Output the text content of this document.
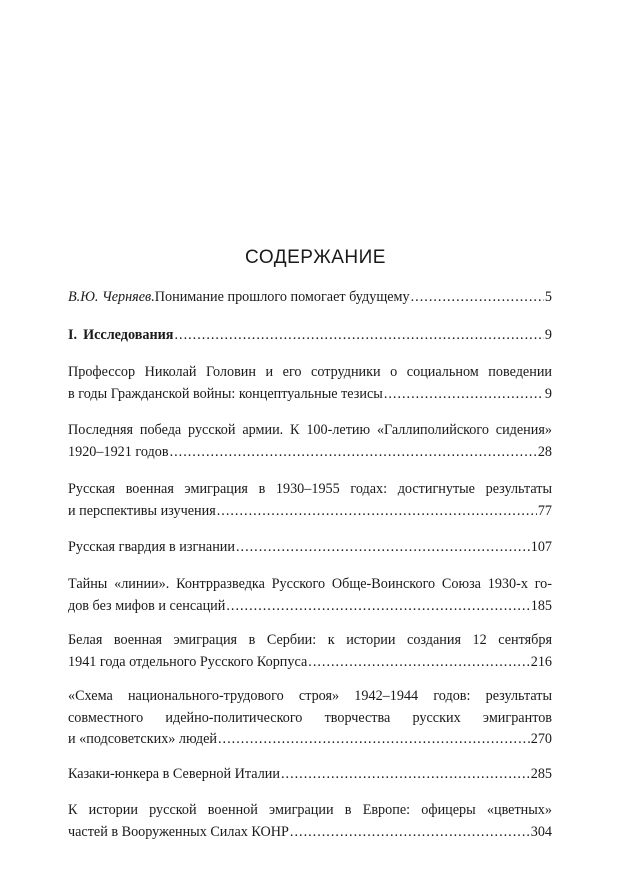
СОДЕРЖАНИЕ
В.Ю. Черняев. Понимание прошлого помогает будущему .....	5
I. Исследования .....	9
Профессор Николай Головин и его сотрудники о социальном поведении
в годы Гражданской войны: концептуальные тезисы .....	9
Последняя победа русской армии. К 100-летию «Галлиполийского сидения»
1920–1921 годов .....	28
Русская военная эмиграция в 1930–1955 годах: достигнутые результаты
и перспективы изучения .....	77
Русская гвардия в изгнании .....	107
Тайны «линии». Контрразведка Русского Обще-Воинского Союза 1930-х го-
дов без мифов и сенсаций .....	185
Белая военная эмиграция в Сербии: к истории создания 12 сентября
1941 года отдельного Русского Корпуса .....	216
«Схема национального-трудового строя» 1942–1944 годов: результаты
совместного идейно-политического творчества русских эмигрантов
и «подсоветских» людей .....	270
Казаки-юнкера в Северной Италии .....	285
К истории русской военной эмиграции в Европе: офицеры «цветных»
частей в Вооруженных Силах КОНР .....	304
